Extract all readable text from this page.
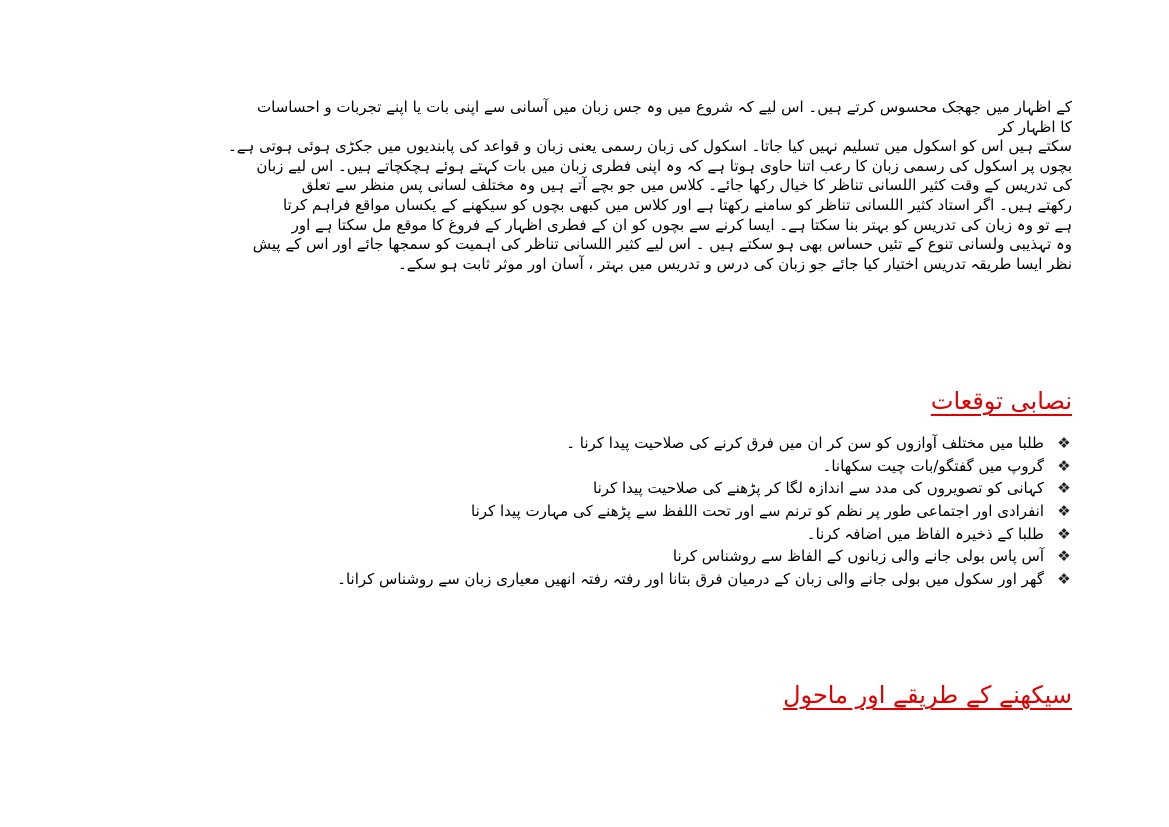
کے اظہار میں جھجک محسوس کرتے ہیں۔ اس لیے کہ شروع میں وہ جس زبان میں آسانی سے اپنی بات یا اپنے تجربات و احساسات
کا اظہار کر
سکتے ہیں اس کو اسکول میں تسلیم نہیں کیا جاتا۔ اسکول کی زبان رسمی یعنی زبان و قواعد کی پابندیوں میں جکڑی ہوئی ہوتی ہے۔
بچوں پر اسکول کی رسمی زبان کا رعب اتنا حاوی ہوتا ہے کہ وہ اپنی فطری زبان میں بات کہتے ہوئے ہچکچاتے ہیں۔ اس لیے زبان
کی تدریس کے وقت کثیر اللسانی تناظر کا خیال رکھا جائے۔ کلاس میں جو بچے آتے ہیں وہ مختلف لسانی پس منظر سے تعلق
رکھتے ہیں۔ اگر استاد کثیر اللسانی تناظر کو سامنے رکھتا ہے اور کلاس میں کبھی بچوں کو سیکھنے کے یکساں مواقع فراہم کرتا
ہے تو وہ زبان کی تدریس کو بہتر بنا سکتا ہے۔ ایسا کرنے سے بچوں کو ان کے فطری اظہار کے فروغ کا موقع مل سکتا ہے اور
وہ تہذیبی ولسانی تنوع کے تئیں حساس بھی ہو سکتے ہیں ۔ اس لیے کثیر اللسانی تناظر کی اہمیت کو سمجھا جائے اور اس کے پیش
نظر ایسا طریقہ تدریس اختیار کیا جائے جو زبان کی درس و تدریس میں بہتر ، آسان اور موثر ثابت ہو سکے۔
نصابی توقعات
❖
طلبا میں مختلف آوازوں کو سن کر ان میں فرق کرنے کی صلاحیت پیدا کرنا ۔
❖
گروپ میں گفتگو/بات چیت سکھانا۔
❖
کہانی کو تصویروں کی مدد سے اندازہ لگا کر پڑھنے کی صلاحیت پیدا کرنا
❖
انفرادی اور اجتماعی طور پر نظم کو ترنم سے اور تحت اللفظ سے پڑھنے کی مہارت پیدا کرنا
❖
طلبا کے ذخیرہ الفاظ میں اضافہ کرنا۔
❖
آس پاس بولی جانے والی زبانوں کے الفاظ سے روشناس کرنا
❖
گھر اور سکول میں بولی جانے والی زبان کے درمیان فرق بتانا اور رفتہ رفتہ انھیں معیاری زبان سے روشناس کرانا۔
سیکھنے کے طریقے اور ماحول
